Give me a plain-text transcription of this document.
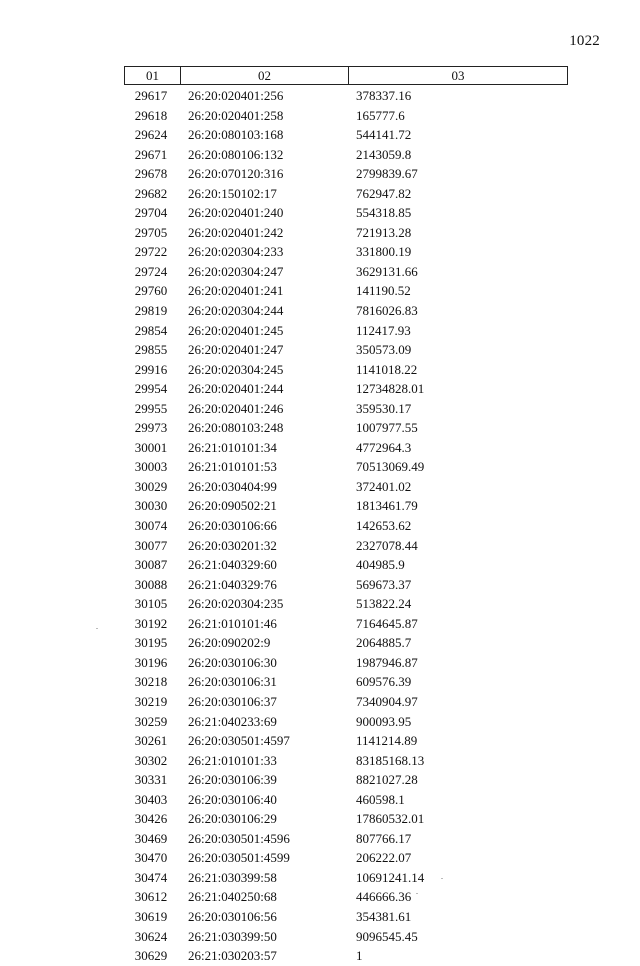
1022
01	02	03
29617	26:20:020401:256	378337.16
29618	26:20:020401:258	165777.6
29624	26:20:080103:168	544141.72
29671	26:20:080106:132	2143059.8
29678	26:20:070120:316	2799839.67
29682	26:20:150102:17	762947.82
29704	26:20:020401:240	554318.85
29705	26:20:020401:242	721913.28
29722	26:20:020304:233	331800.19
29724	26:20:020304:247	3629131.66
29760	26:20:020401:241	141190.52
29819	26:20:020304:244	7816026.83
29854	26:20:020401:245	112417.93
29855	26:20:020401:247	350573.09
29916	26:20:020304:245	1141018.22
29954	26:20:020401:244	12734828.01
29955	26:20:020401:246	359530.17
29973	26:20:080103:248	1007977.55
30001	26:21:010101:34	4772964.3
30003	26:21:010101:53	70513069.49
30029	26:20:030404:99	372401.02
30030	26:20:090502:21	1813461.79
30074	26:20:030106:66	142653.62
30077	26:20:030201:32	2327078.44
30087	26:21:040329:60	404985.9
30088	26:21:040329:76	569673.37
30105	26:20:020304:235	513822.24
30192	26:21:010101:46	7164645.87
30195	26:20:090202:9	2064885.7
30196	26:20:030106:30	1987946.87
30218	26:20:030106:31	609576.39
30219	26:20:030106:37	7340904.97
30259	26:21:040233:69	900093.95
30261	26:20:030501:4597	1141214.89
30302	26:21:010101:33	83185168.13
30331	26:20:030106:39	8821027.28
30403	26:20:030106:40	460598.1
30426	26:20:030106:29	17860532.01
30469	26:20:030501:4596	807766.17
30470	26:20:030501:4599	206222.07
30474	26:21:030399:58	10691241.14
30612	26:21:040250:68	446666.36
30619	26:20:030106:56	354381.61
30624	26:21:030399:50	9096545.45
30629	26:21:030203:57	1
